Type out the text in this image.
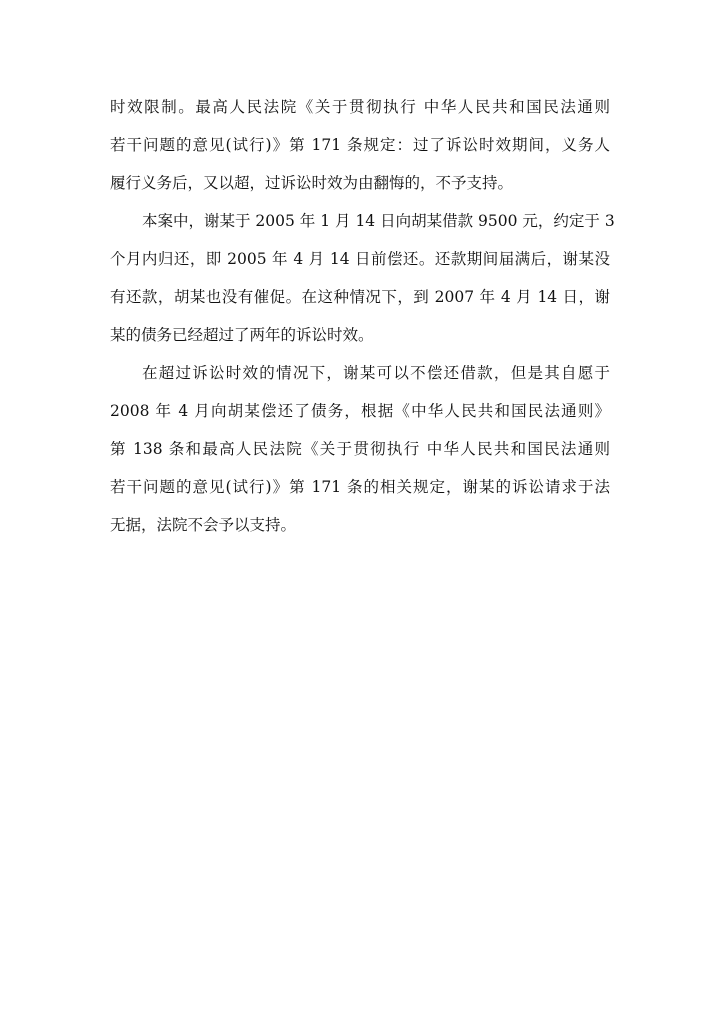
时效限制。最高人民法院《关于贯彻执行 中华人民共和国民法通则
若干问题的意见(试行)》第 171 条规定：过了诉讼时效期间，义务人
履行义务后，又以超，过诉讼时效为由翻悔的，不予支持。
本案中，谢某于 2005 年 1 月 14 日向胡某借款 9500 元，约定于 3
个月内归还，即 2005 年 4 月 14 日前偿还。还款期间届满后，谢某没
有还款，胡某也没有催促。在这种情况下，到 2007 年 4 月 14 日，谢
某的债务已经超过了两年的诉讼时效。
在超过诉讼时效的情况下，谢某可以不偿还借款，但是其自愿于
2008 年 4 月向胡某偿还了债务，根据《中华人民共和国民法通则》
第 138 条和最高人民法院《关于贯彻执行 中华人民共和国民法通则
若干问题的意见(试行)》第 171 条的相关规定，谢某的诉讼请求于法
无据，法院不会予以支持。
